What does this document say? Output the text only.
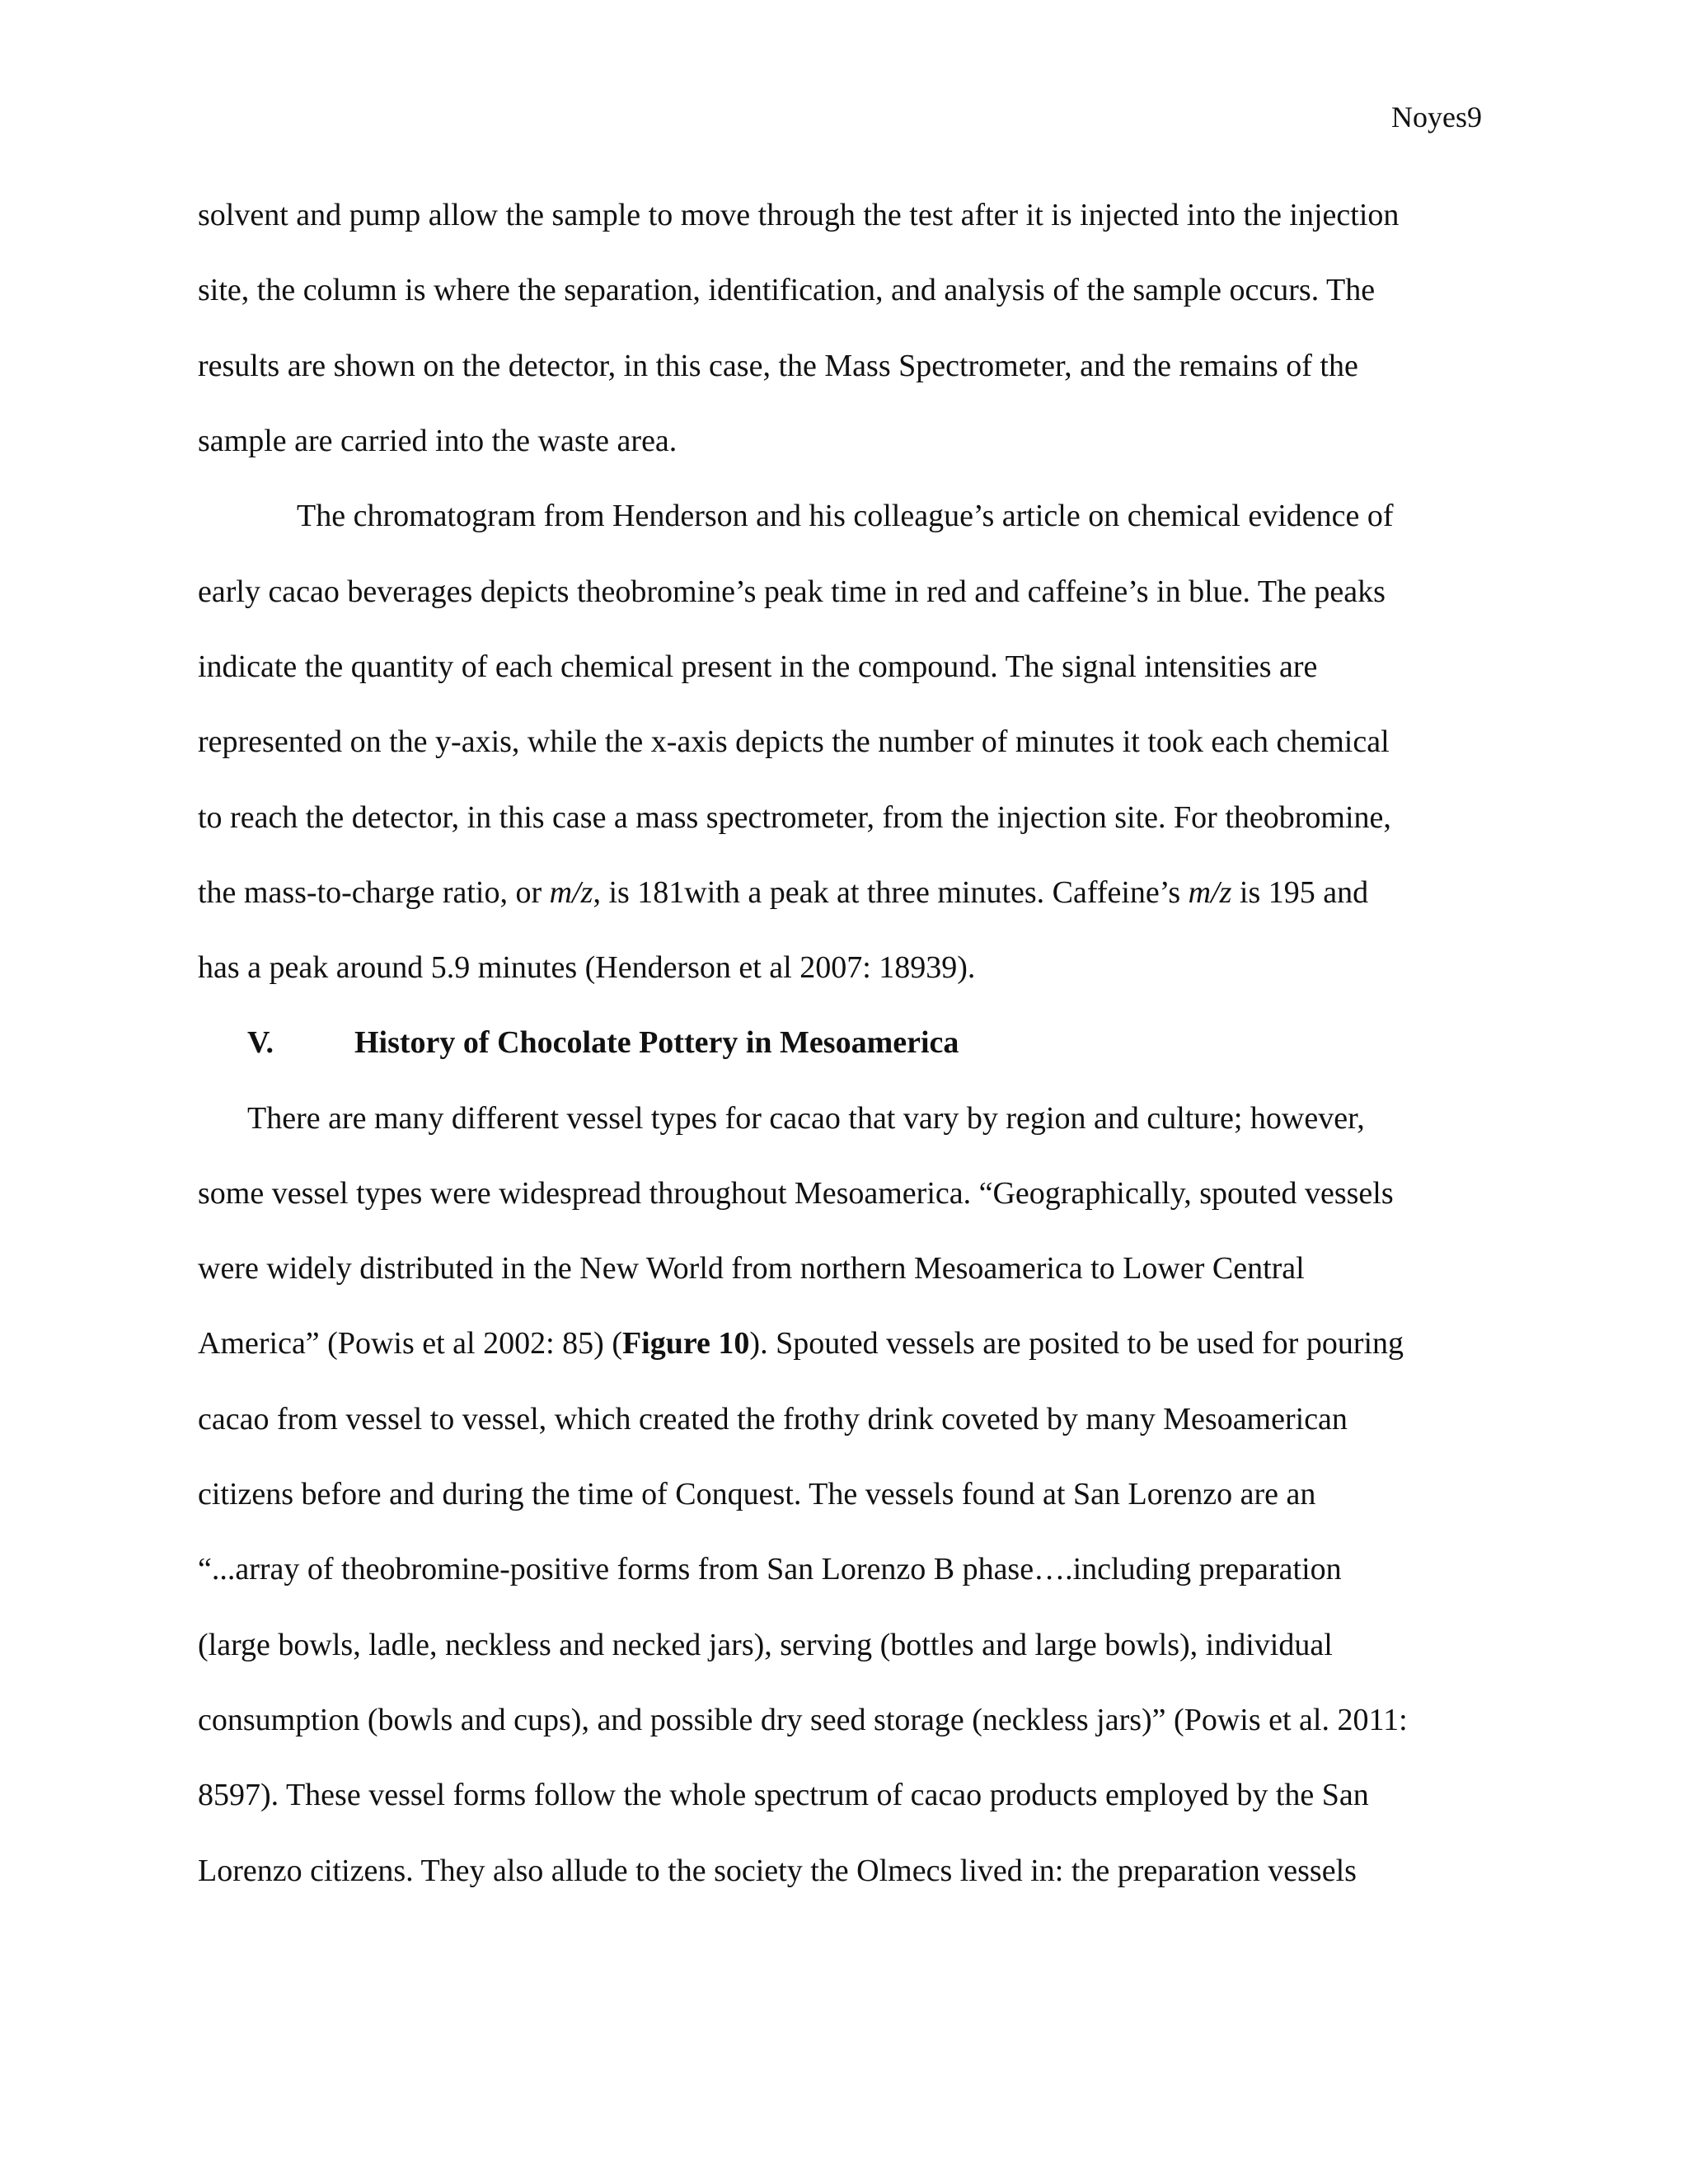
Noyes9
solvent and pump allow the sample to move through the test after it is injected into the injection
site, the column is where the separation, identification, and analysis of the sample occurs. The
results are shown on the detector, in this case, the Mass Spectrometer, and the remains of the
sample are carried into the waste area.
The chromatogram from Henderson and his colleague’s article on chemical evidence of
early cacao beverages depicts theobromine’s peak time in red and caffeine’s in blue. The peaks
indicate the quantity of each chemical present in the compound. The signal intensities are
represented on the y-axis, while the x-axis depicts the number of minutes it took each chemical
to reach the detector, in this case a mass spectrometer, from the injection site. For theobromine,
the mass-to-charge ratio, or m/z, is 181with a peak at three minutes. Caffeine’s m/z is 195 and
has a peak around 5.9 minutes (Henderson et al 2007: 18939).
V.	History of Chocolate Pottery in Mesoamerica
There are many different vessel types for cacao that vary by region and culture; however,
some vessel types were widespread throughout Mesoamerica. “Geographically, spouted vessels
were widely distributed in the New World from northern Mesoamerica to Lower Central
America” (Powis et al 2002: 85) (Figure 10). Spouted vessels are posited to be used for pouring
cacao from vessel to vessel, which created the frothy drink coveted by many Mesoamerican
citizens before and during the time of Conquest. The vessels found at San Lorenzo are an
“...array of theobromine-positive forms from San Lorenzo B phase….including preparation
(large bowls, ladle, neckless and necked jars), serving (bottles and large bowls), individual
consumption (bowls and cups), and possible dry seed storage (neckless jars)” (Powis et al. 2011:
8597). These vessel forms follow the whole spectrum of cacao products employed by the San
Lorenzo citizens. They also allude to the society the Olmecs lived in: the preparation vessels
